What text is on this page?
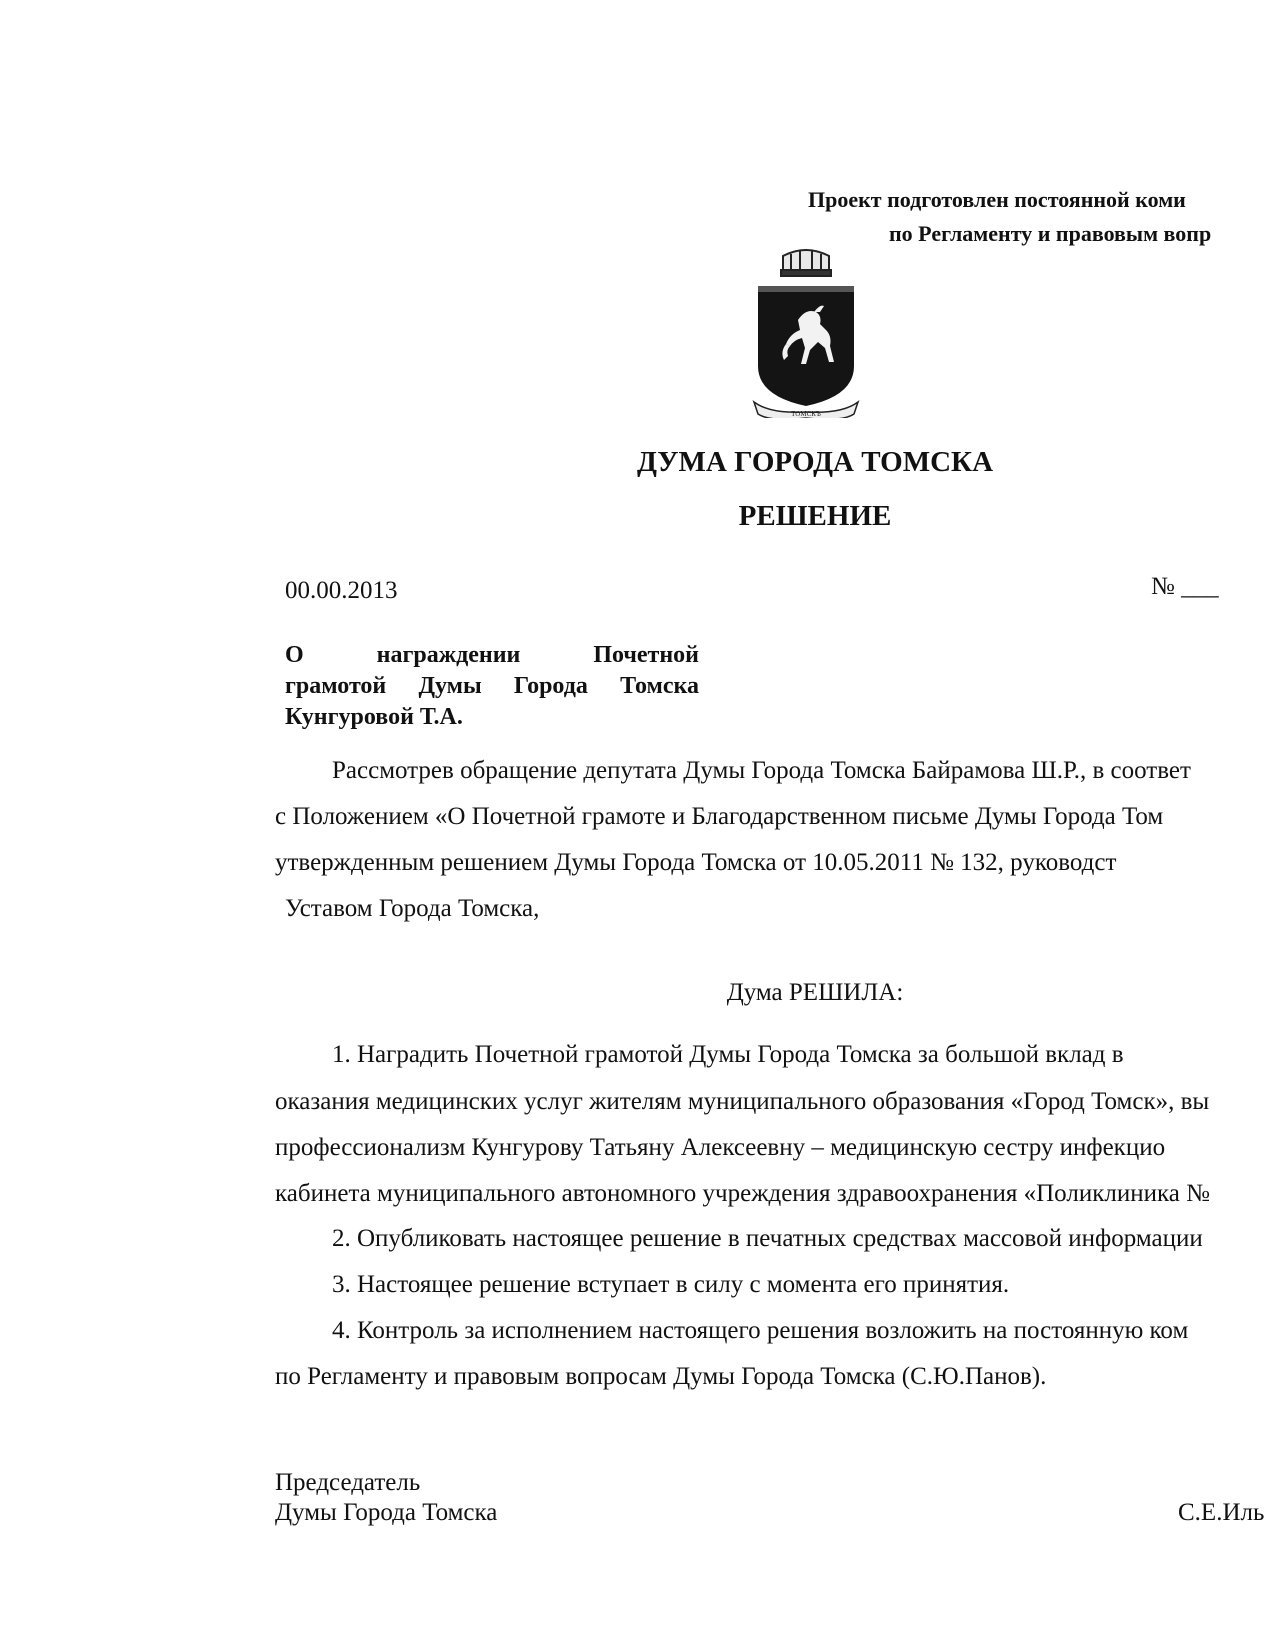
Проект подготовлен постоянной коми
по Регламенту и правовым вопр
ТОМСКЪ
ДУМА ГОРОДА ТОМСКА
РЕШЕНИЕ
00.00.2013	№ ___
О награждении Почетной
грамотой Думы Города Томска
Кунгуровой Т.А.
Рассмотрев обращение депутата Думы Города Томска Байрамова Ш.Р., в соответ
с Положением «О Почетной грамоте и Благодарственном письме Думы Города Том
утвержденным решением Думы Города Томска от 10.05.2011 № 132, руководст
Уставом Города Томска,
Дума РЕШИЛА:
1. Наградить Почетной грамотой Думы Города Томска за большой вклад в
оказания медицинских услуг жителям муниципального образования «Город Томск», вы
профессионализм Кунгурову Татьяну Алексеевну – медицинскую сестру инфекцио
кабинета муниципального автономного учреждения здравоохранения «Поликлиника №
2. Опубликовать настоящее решение в печатных средствах массовой информации
3. Настоящее решение вступает в силу с момента его принятия.
4. Контроль за исполнением настоящего решения возложить на постоянную ком
по Регламенту и правовым вопросам Думы Города Томска (С.Ю.Панов).
Председатель
Думы Города Томска	С.Е.Иль
